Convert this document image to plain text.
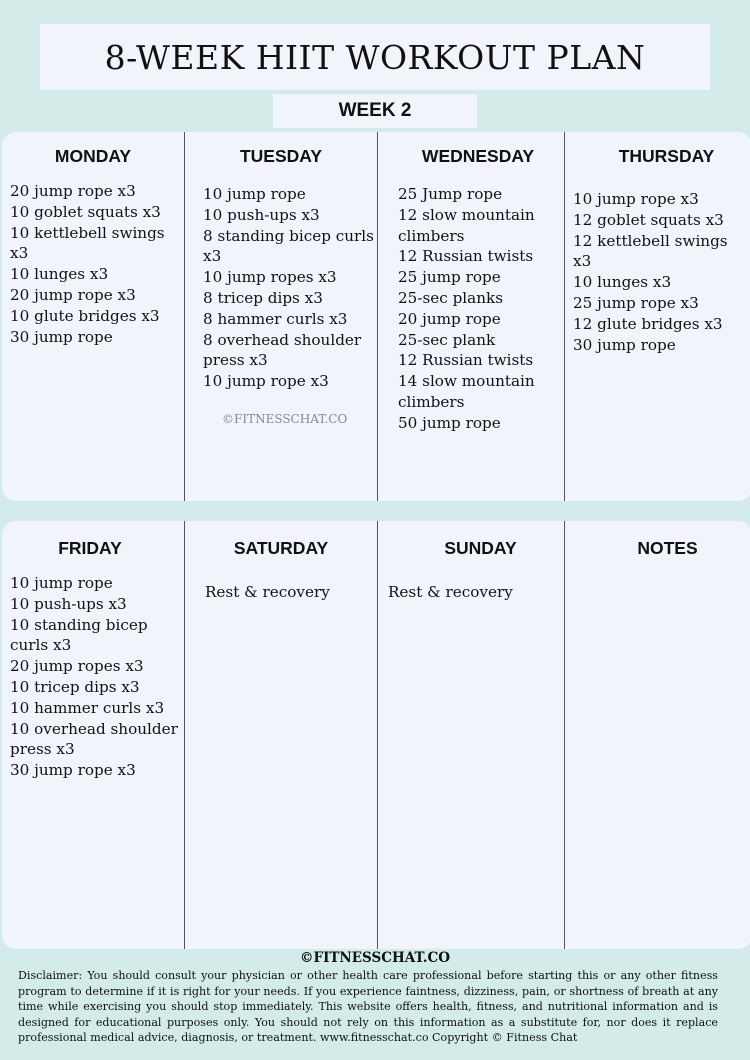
8-WEEK HIIT WORKOUT PLAN
WEEK 2
MONDAY
20 jump rope x3
10 goblet squats x3
10 kettlebell swings x3
10 lunges x3
20 jump rope x3
10 glute bridges x3
30 jump rope
TUESDAY
10 jump rope
10 push-ups x3
8 standing bicep curls
x3
10 jump ropes x3
8 tricep dips x3
8 hammer curls x3
8 overhead shoulder
press x3
10 jump rope x3
©FITNESSCHAT.CO
WEDNESDAY
25 Jump rope
12 slow mountain
climbers
12 Russian twists
25 jump rope
25-sec planks
20 jump rope
25-sec plank
12 Russian twists
14 slow mountain
climbers
50 jump rope
THURSDAY
10 jump rope x3
12 goblet squats x3
12 kettlebell swings x3
10 lunges x3
25 jump rope x3
12 glute bridges x3
30 jump rope
FRIDAY
10 jump rope
10 push-ups x3
10 standing bicep
curls x3
20 jump ropes x3
10 tricep dips x3
10 hammer curls x3
10 overhead shoulder
press x3
30 jump rope x3
SATURDAY
Rest & recovery
SUNDAY
Rest & recovery
NOTES
©FITNESSCHAT.CO

Disclaimer: You should consult your physician or other health care professional before starting this or any other fitness program to determine if it is right for your needs. If you experience faintness, dizziness, pain, or shortness of breath at any time while exercising you should stop immediately. This website offers health, fitness, and nutritional information and is designed for educational purposes only. You should not rely on this information as a substitute for, nor does it replace professional medical advice, diagnosis, or treatment. www.fitnesschat.co Copyright © Fitness Chat
